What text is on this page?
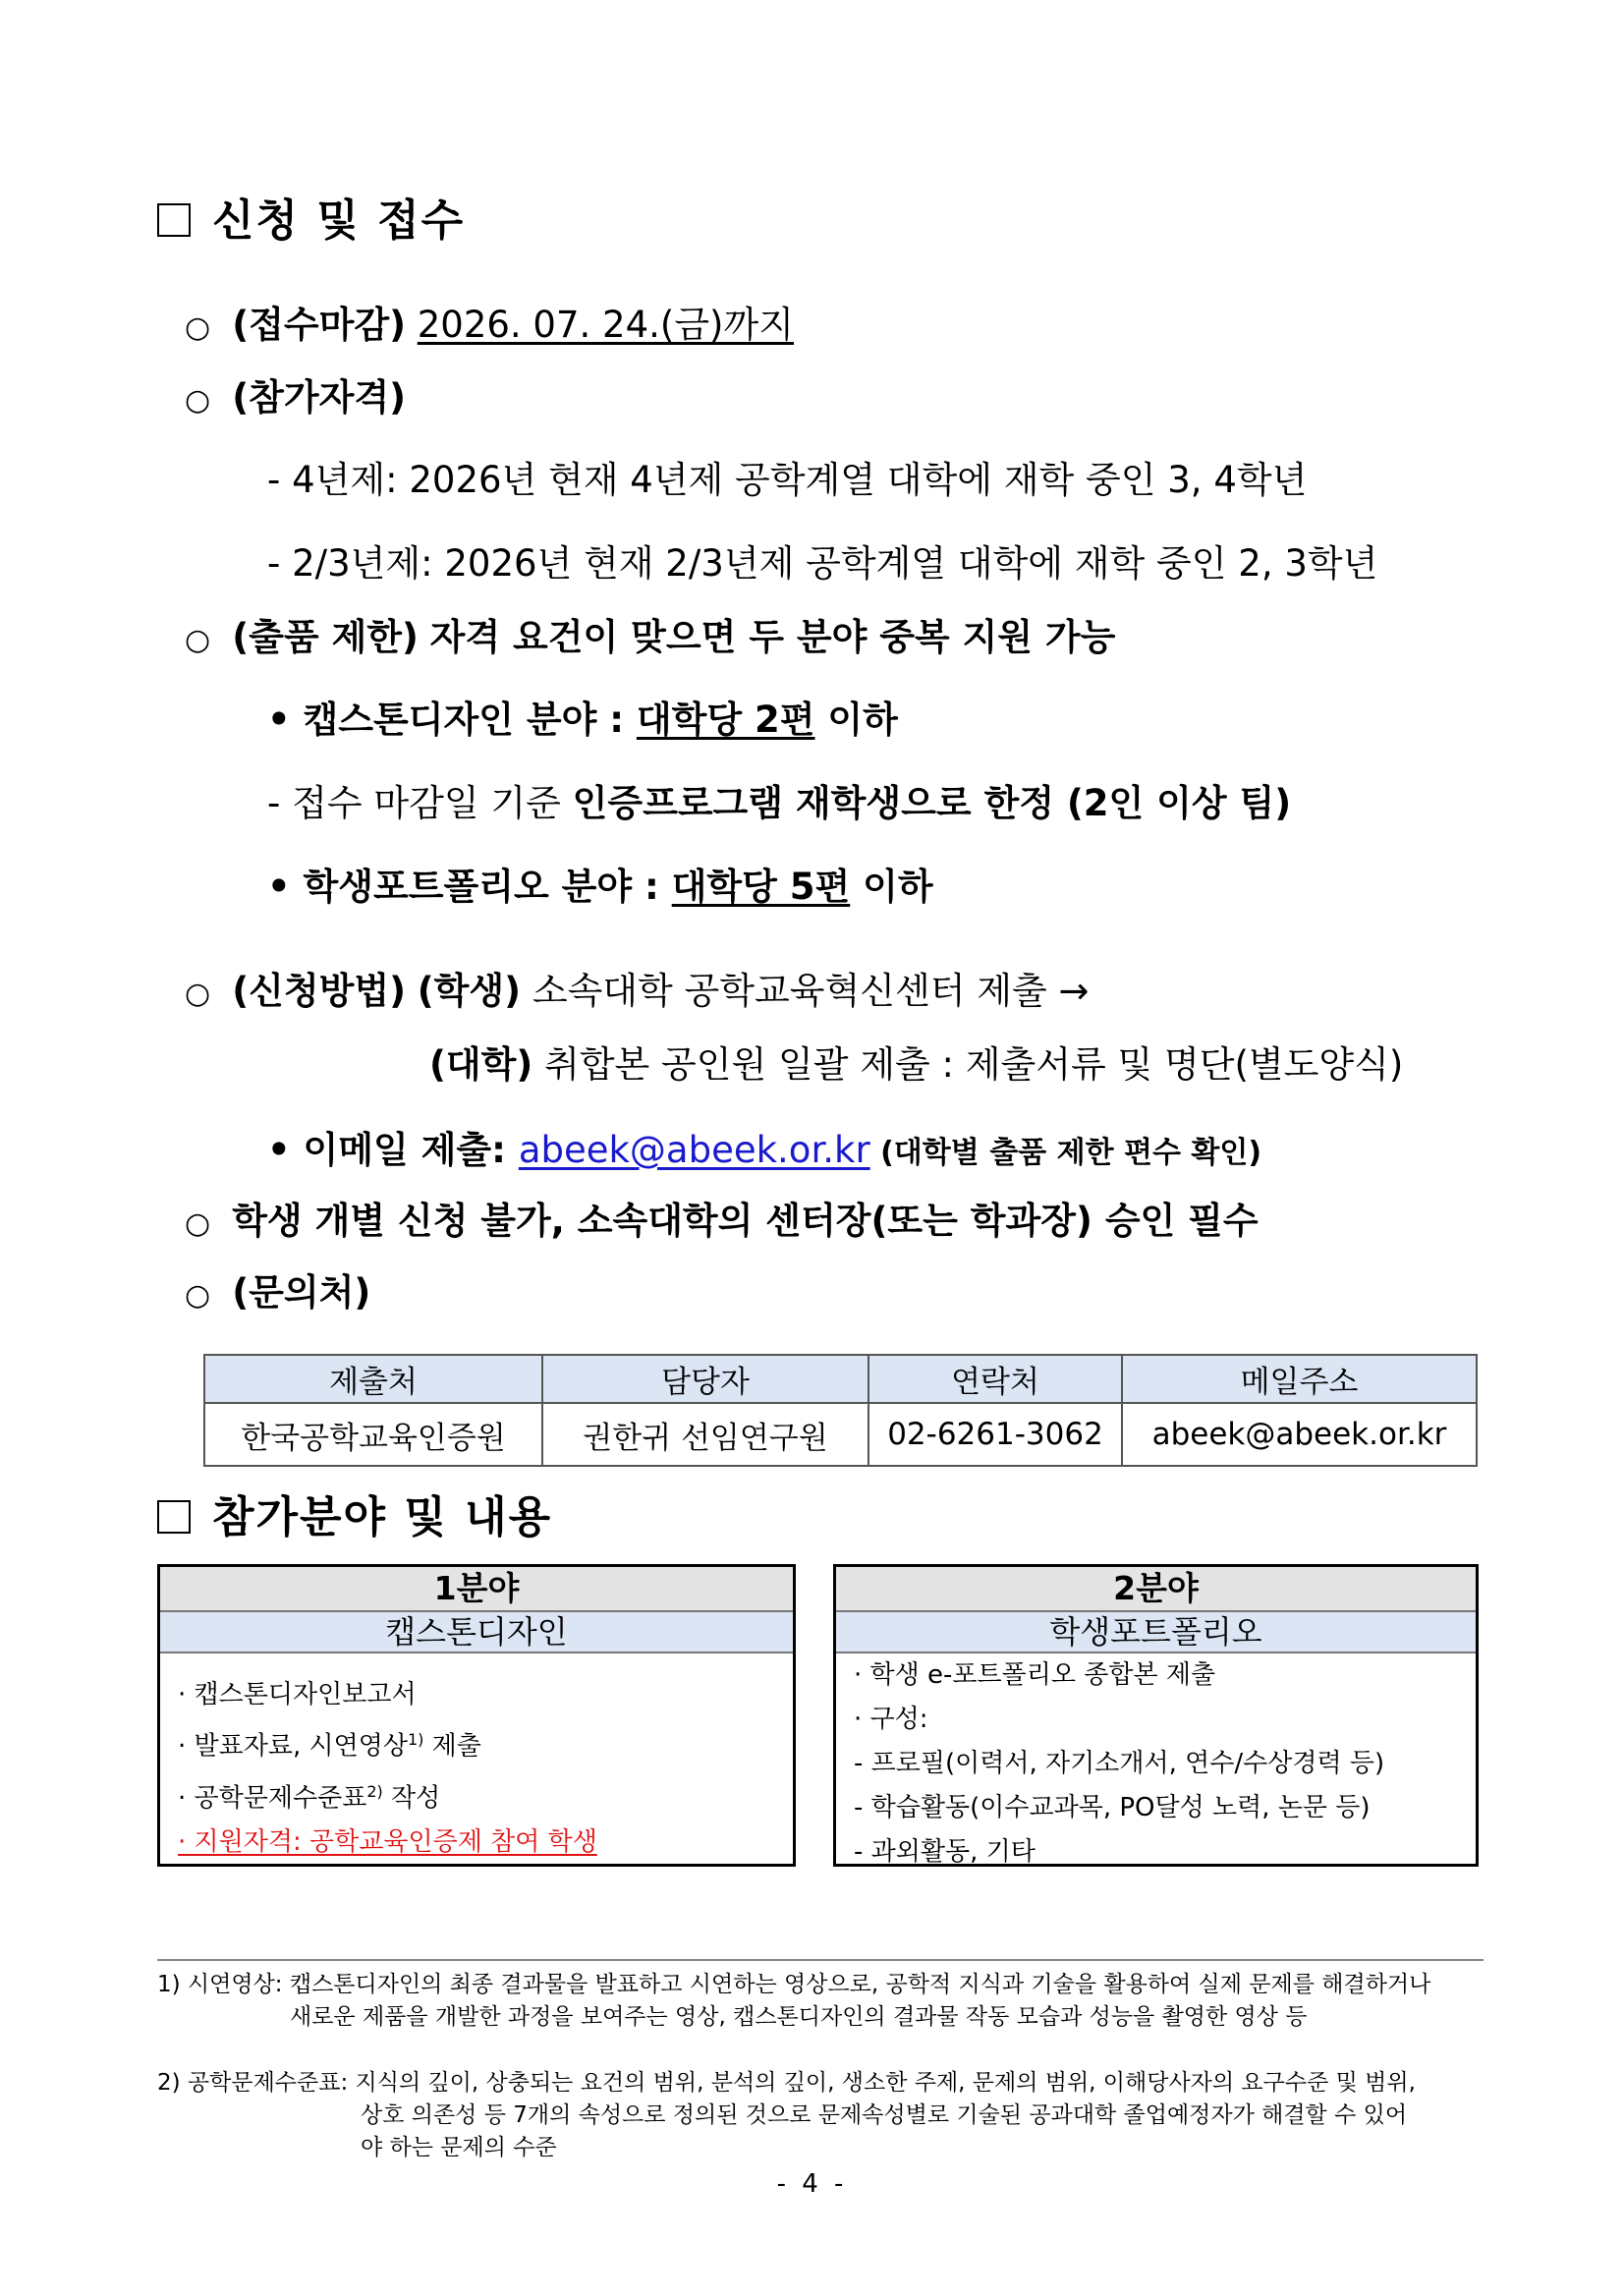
신청 및 접수
○ (접수마감) 2026. 07. 24.(금)까지
○ (참가자격)
- 4년제: 2026년 현재 4년제 공학계열 대학에 재학 중인 3, 4학년
- 2/3년제: 2026년 현재 2/3년제 공학계열 대학에 재학 중인 2, 3학년
○ (출품 제한) 자격 요건이 맞으면 두 분야 중복 지원 가능
• 캡스톤디자인 분야 : 대학당 2편 이하
- 접수 마감일 기준 인증프로그램 재학생으로 한정 (2인 이상 팀)
• 학생포트폴리오 분야 : 대학당 5편 이하
○ (신청방법) (학생) 소속대학 공학교육혁신센터 제출 →
(대학) 취합본 공인원 일괄 제출 : 제출서류 및 명단(별도양식)
• 이메일 제출: abeek@abeek.or.kr (대학별 출품 제한 편수 확인)
○ 학생 개별 신청 불가, 소속대학의 센터장(또는 학과장) 승인 필수
○ (문의처)
제출처	담당자	연락처	메일주소
한국공학교육인증원	권한귀 선임연구원	02-6261-3062	abeek@abeek.or.kr
참가분야 및 내용
1분야
캡스톤디자인
· 캡스톤디자인보고서
· 발표자료, 시연영상$^{1)}$ 제출
· 공학문제수준표$^{2)}$ 작성
· 지원자격: 공학교육인증제 참여 학생
2분야
학생포트폴리오
· 학생 e-포트폴리오 종합본 제출
· 구성:
- 프로필(이력서, 자기소개서, 연수/수상경력 등)
- 학습활동(이수교과목, PO달성 노력, 논문 등)
- 과외활동, 기타
1) 시연영상: 캡스톤디자인의 최종 결과물을 발표하고 시연하는 영상으로, 공학적 지식과 기술을 활용하여 실제 문제를 해결하거나
새로운 제품을 개발한 과정을 보여주는 영상, 캡스톤디자인의 결과물 작동 모습과 성능을 촬영한 영상 등
2) 공학문제수준표: 지식의 깊이, 상충되는 요건의 범위, 분석의 깊이, 생소한 주제, 문제의 범위, 이해당사자의 요구수준 및 범위,
상호 의존성 등 7개의 속성으로 정의된 것으로 문제속성별로 기술된 공과대학 졸업예정자가 해결할 수 있어
야 하는 문제의 수준
- 4 -
